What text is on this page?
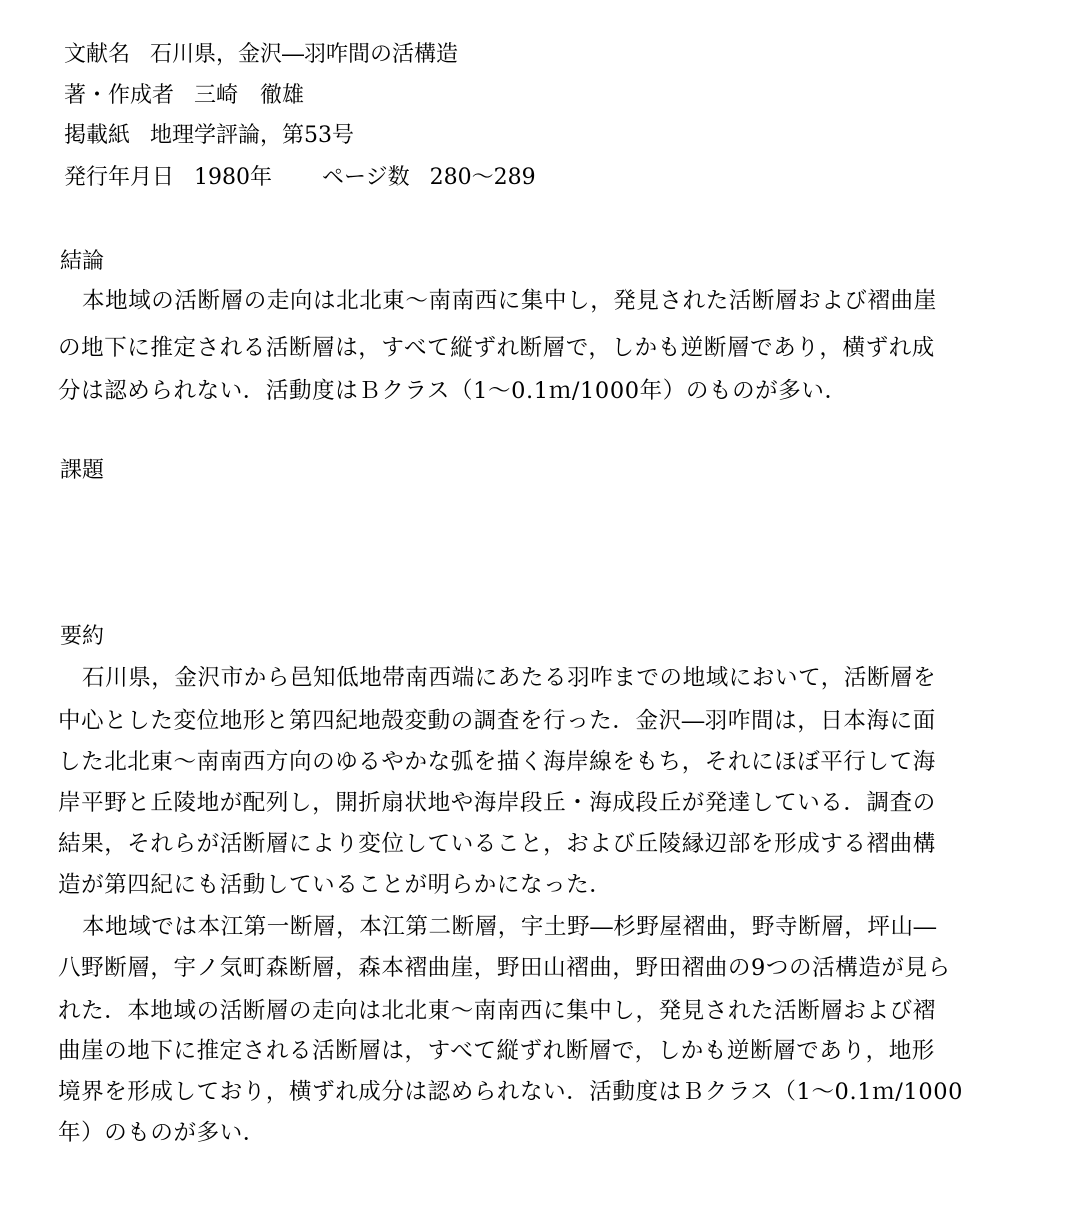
文献名 石川県，金沢―羽咋間の活構造
著・作成者 三崎　徹雄
掲載紙 地理学評論，第53号
発行年月日 1980年 ページ数 280～289
結論
本地域の活断層の走向は北北東～南南西に集中し，発見された活断層および褶曲崖
の地下に推定される活断層は，すべて縦ずれ断層で，しかも逆断層であり，横ずれ成
分は認められない．活動度はＢクラス（1～0.1ｍ/1000年）のものが多い．
課題
要約
石川県，金沢市から邑知低地帯南西端にあたる羽咋までの地域において，活断層を
中心とした変位地形と第四紀地殻変動の調査を行った．金沢―羽咋間は，日本海に面
した北北東～南南西方向のゆるやかな弧を描く海岸線をもち，それにほぼ平行して海
岸平野と丘陵地が配列し，開折扇状地や海岸段丘・海成段丘が発達している．調査の
結果，それらが活断層により変位していること，および丘陵縁辺部を形成する褶曲構
造が第四紀にも活動していることが明らかになった．
本地域では本江第一断層，本江第二断層，宇土野―杉野屋褶曲，野寺断層，坪山―
八野断層，宇ノ気町森断層，森本褶曲崖，野田山褶曲，野田褶曲の9つの活構造が見ら
れた．本地域の活断層の走向は北北東～南南西に集中し，発見された活断層および褶
曲崖の地下に推定される活断層は，すべて縦ずれ断層で，しかも逆断層であり，地形
境界を形成しており，横ずれ成分は認められない．活動度はＢクラス（1～0.1ｍ/1000
年）のものが多い．
